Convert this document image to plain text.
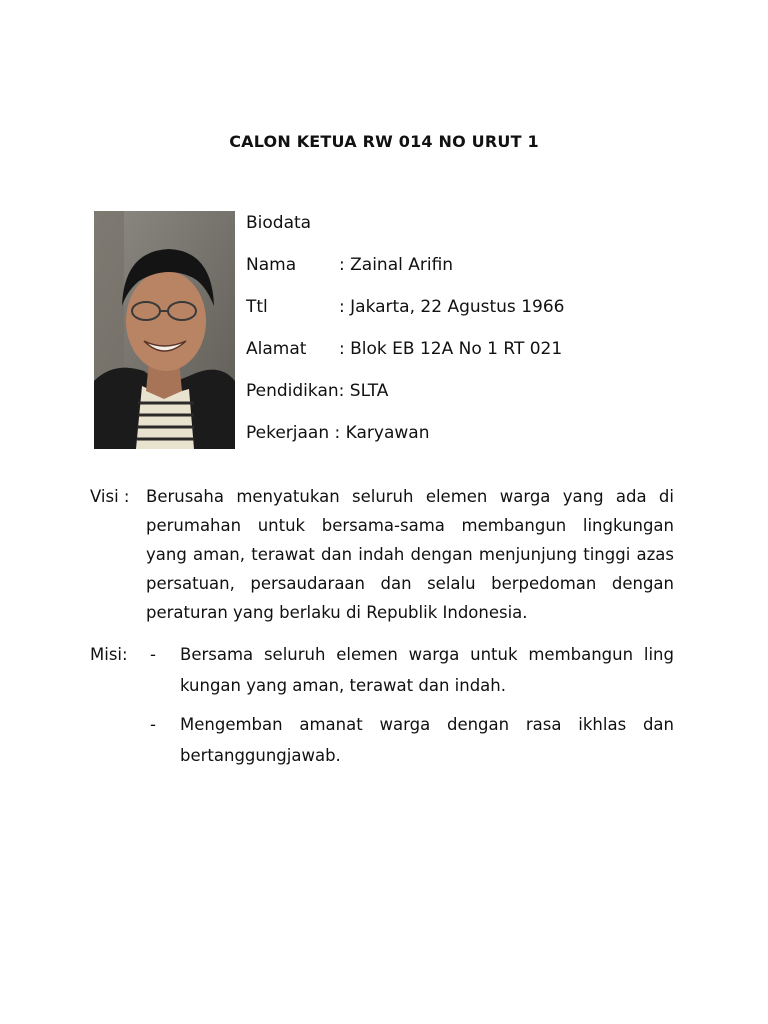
CALON KETUA RW 014 NO URUT 1
Biodata
Nama	: Zainal Arifin
Ttl	: Jakarta, 22 Agustus 1966
Alamat : Blok EB 12A No 1 RT 021
Pendidikan: SLTA
Pekerjaan : Karyawan
Visi : Berusaha menyatukan seluruh elemen warga yang ada di perumahan untuk bersama-sama membangun lingkungan yang aman, terawat dan indah dengan menjunjung tinggi azas persatuan, persaudaraan dan selalu berpedoman dengan peraturan yang berlaku di Republik Indonesia.
Misi: - Bersama seluruh elemen warga untuk membangun ling kungan yang aman, terawat dan indah.
- Mengemban amanat warga dengan rasa ikhlas dan bertanggungjawab.
